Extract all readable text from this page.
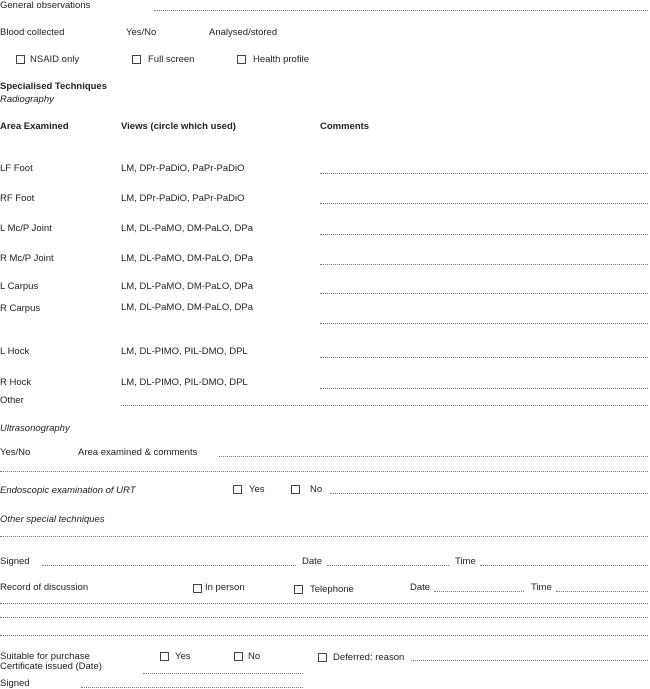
General observations
Blood collected	Yes/No	Analysed/stored
NSAID only	Full screen	Health profile
Specialised Techniques
Radiography
Area Examined	Views (circle which used)	Comments
LF Foot	LM, DPr-PaDiO, PaPr-PaDiO
RF Foot	LM, DPr-PaDiO, PaPr-PaDiO
L Mc/P Joint	LM, DL-PaMO, DM-PaLO, DPa
R Mc/P Joint	LM, DL-PaMO, DM-PaLO, DPa
L Carpus	LM, DL-PaMO, DM-PaLO, DPa
R Carpus	LM, DL-PaMO, DM-PaLO, DPa
L Hock	LM, DL-PIMO, PIL-DMO, DPL
R Hock	LM, DL-PIMO, PIL-DMO, DPL
Other
Ultrasonography
Yes/No	Area examined & comments
Endoscopic examination of URT	Yes	No
Other special techniques
Signed	Date	Time
Record of discussion	In person	Telephone	Date	Time
Suitable for purchase	Yes	No	Deferred: reason
Certificate issued (Date)
Signed
